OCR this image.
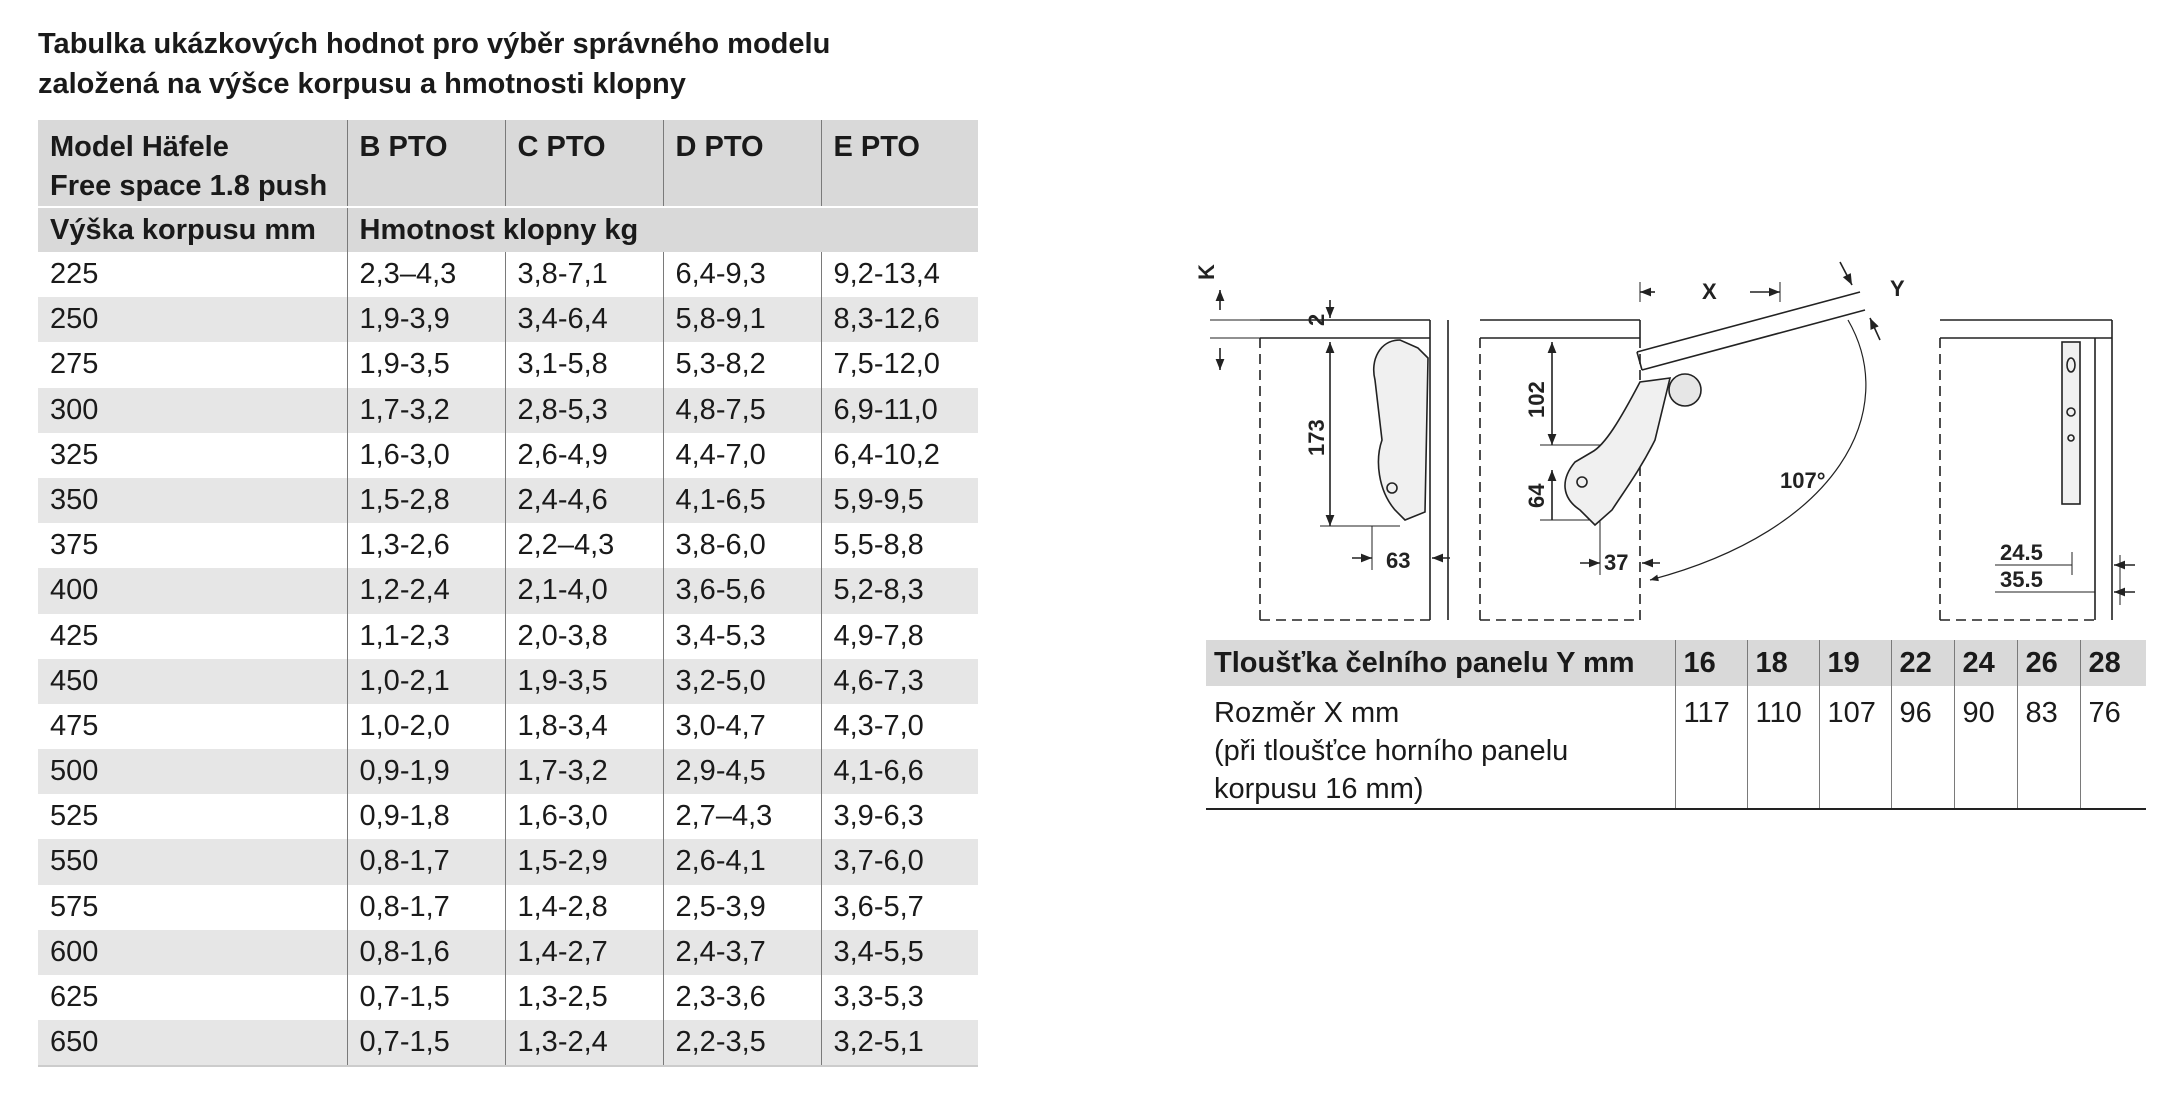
Tabulka ukázkových hodnot pro výběr správného modelu
založená na výšce korpusu a hmotnosti klopny
Model Häfele
Free space 1.8 push	B PTO	C PTO	D PTO	E PTO
Výška korpusu mm	Hmotnost klopny kg			
225	2,3–4,3	3,8-7,1	6,4-9,3	9,2-13,4
250	1,9-3,9	3,4-6,4	5,8-9,1	8,3-12,6
275	1,9-3,5	3,1-5,8	5,3-8,2	7,5-12,0
300	1,7-3,2	2,8-5,3	4,8-7,5	6,9-11,0
325	1,6-3,0	2,6-4,9	4,4-7,0	6,4-10,2
350	1,5-2,8	2,4-4,6	4,1-6,5	5,9-9,5
375	1,3-2,6	2,2–4,3	3,8-6,0	5,5-8,8
400	1,2-2,4	2,1-4,0	3,6-5,6	5,2-8,3
425	1,1-2,3	2,0-3,8	3,4-5,3	4,9-7,8
450	1,0-2,1	1,9-3,5	3,2-5,0	4,6-7,3
475	1,0-2,0	1,8-3,4	3,0-4,7	4,3-7,0
500	0,9-1,9	1,7-3,2	2,9-4,5	4,1-6,6
525	0,9-1,8	1,6-3,0	2,7–4,3	3,9-6,3
550	0,8-1,7	1,5-2,9	2,6-4,1	3,7-6,0
575	0,8-1,7	1,4-2,8	2,5-3,9	3,6-5,7
600	0,8-1,6	1,4-2,7	2,4-3,7	3,4-5,5
625	0,7-1,5	1,3-2,5	2,3-3,6	3,3-5,3
650	0,7-1,5	1,3-2,4	2,2-3,5	3,2-5,1
K
2
173
63
X	Y
102
64
37
107°
24.5
35.5
Tloušťka čelního panelu Y mm	16	18	19	22	24	26	28

Rozměr X mm
(při tloušťce horního panelu
korpusu 16 mm)	117	110	107	96	90	83	76
